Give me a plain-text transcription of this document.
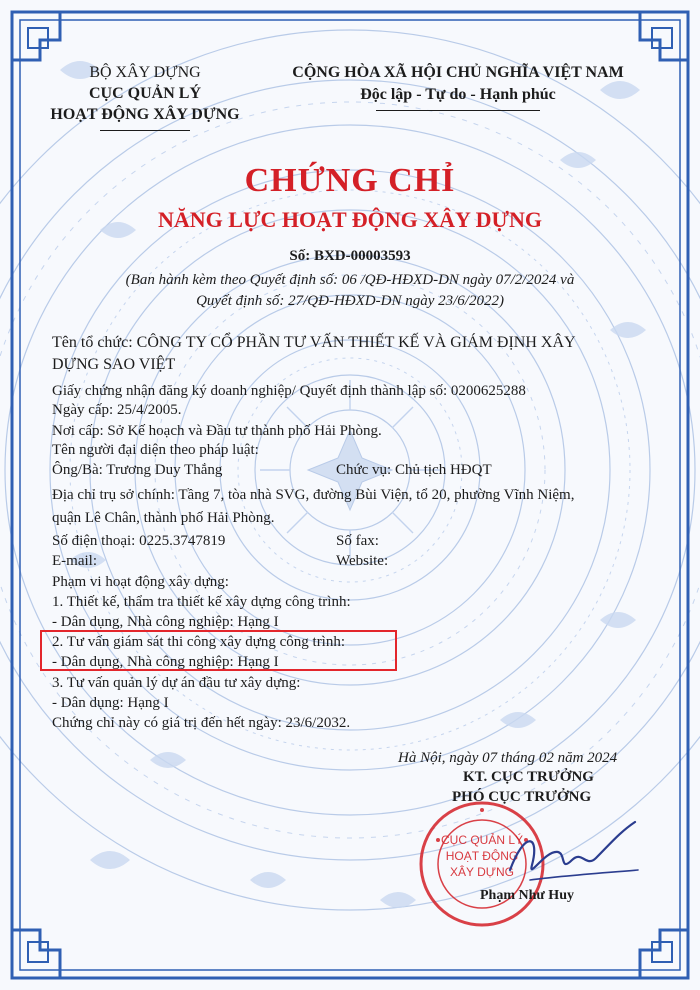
BỘ XÂY DỰNG
CỤC QUẢN LÝ
HOẠT ĐỘNG XÂY DỰNG
CỘNG HÒA XÃ HỘI CHỦ NGHĨA VIỆT NAM
Độc lập - Tự do - Hạnh phúc
CHỨNG CHỈ
NĂNG LỰC HOẠT ĐỘNG XÂY DỰNG
Số: BXD-00003593
(Ban hành kèm theo Quyết định số: 06 /QĐ-HĐXD-DN ngày 07/2/2024 và
Quyết định số: 27/QĐ-HĐXD-DN ngày 23/6/2022)
Tên tổ chức: CÔNG TY CỔ PHẦN TƯ VẤN THIẾT KẾ VÀ GIÁM ĐỊNH XÂY
DỰNG SAO VIỆT
Giấy chứng nhận đăng ký doanh nghiệp/ Quyết định thành lập số: 0200625288
Ngày cấp: 25/4/2005.
Nơi cấp: Sở Kế hoạch và Đầu tư thành phố Hải Phòng.
Tên người đại diện theo pháp luật:
Ông/Bà: Trương Duy Thắng	Chức vụ: Chủ tịch HĐQT
Địa chỉ trụ sở chính: Tầng 7, tòa nhà SVG, đường Bùi Viện, tổ 20, phường Vĩnh Niệm,
quận Lê Chân, thành phố Hải Phòng.
Số điện thoại: 0225.3747819	Số fax:
E-mail:	Website:
Phạm vi hoạt động xây dựng:
1. Thiết kế, thẩm tra thiết kế xây dựng công trình:
- Dân dụng, Nhà công nghiệp: Hạng I
2. Tư vấn giám sát thi công xây dựng công trình:
- Dân dụng, Nhà công nghiệp: Hạng I
3. Tư vấn quản lý dự án đầu tư xây dựng:
- Dân dụng: Hạng I
Chứng chỉ này có giá trị đến hết ngày: 23/6/2032.
Hà Nội, ngày 07 tháng 02 năm 2024
KT. CỤC TRƯỞNG
PHÓ CỤC TRƯỞNG
CỤC QUẢN LÝ
HOẠT ĐỘNG
XÂY DỰNG
Phạm Như Huy
